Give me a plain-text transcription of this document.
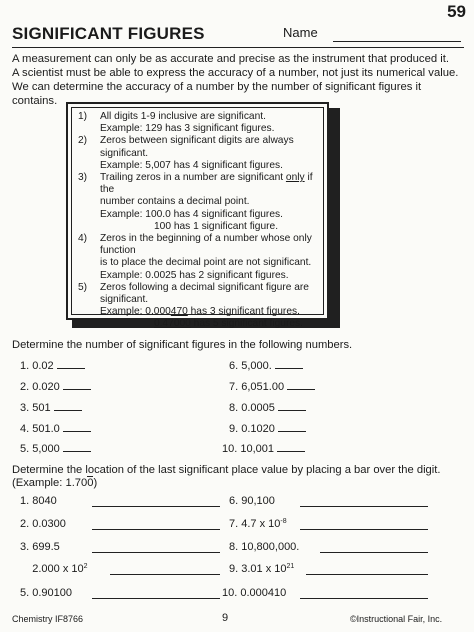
59
SIGNIFICANT FIGURES	Name
A measurement can only be as accurate and precise as the instrument that produced it.
A scientist must be able to express the accuracy of a number, not just its numerical value.
We can determine the accuracy of a number by the number of significant figures it
contains.
1)	All digits 1-9 inclusive are significant.
Example: 129 has 3 significant figures.
2)	Zeros between significant digits are always significant.
Example: 5,007 has 4 significant figures.
3)	Trailing zeros in a number are significant only if the
number contains a decimal point.
Example: 100.0 has 4 significant figures.
100 has 1 significant figure.
4)	Zeros in the beginning of a number whose only function
is to place the decimal point are not significant.
Example: 0.0025 has 2 significant figures.
5)	Zeros following a decimal significant figure are
significant.
Example: 0.000470 has 3 significant figures.
0.47000 has 5 significant figures.
Determine the number of significant figures in the following numbers.
1. 0.02	6. 5,000.
2. 0.020	7. 6,051.00
3. 501	8. 0.0005
4. 501.0	9. 0.1020
5. 5,000	10. 10,001
Determine the location of the last significant place value by placing a bar over the digit.
(Example: 1.700)
1. 8040	6. 90,100
2. 0.0300	7. 4.7 x $10^{-8}$
3. 699.5	8. 10,800,000.
2.000 x $10^2$	9. 3.01 x $10^{21}$
5. 0.90100	10. 0.000410
Chemistry IF8766	9	©Instructional Fair, Inc.
